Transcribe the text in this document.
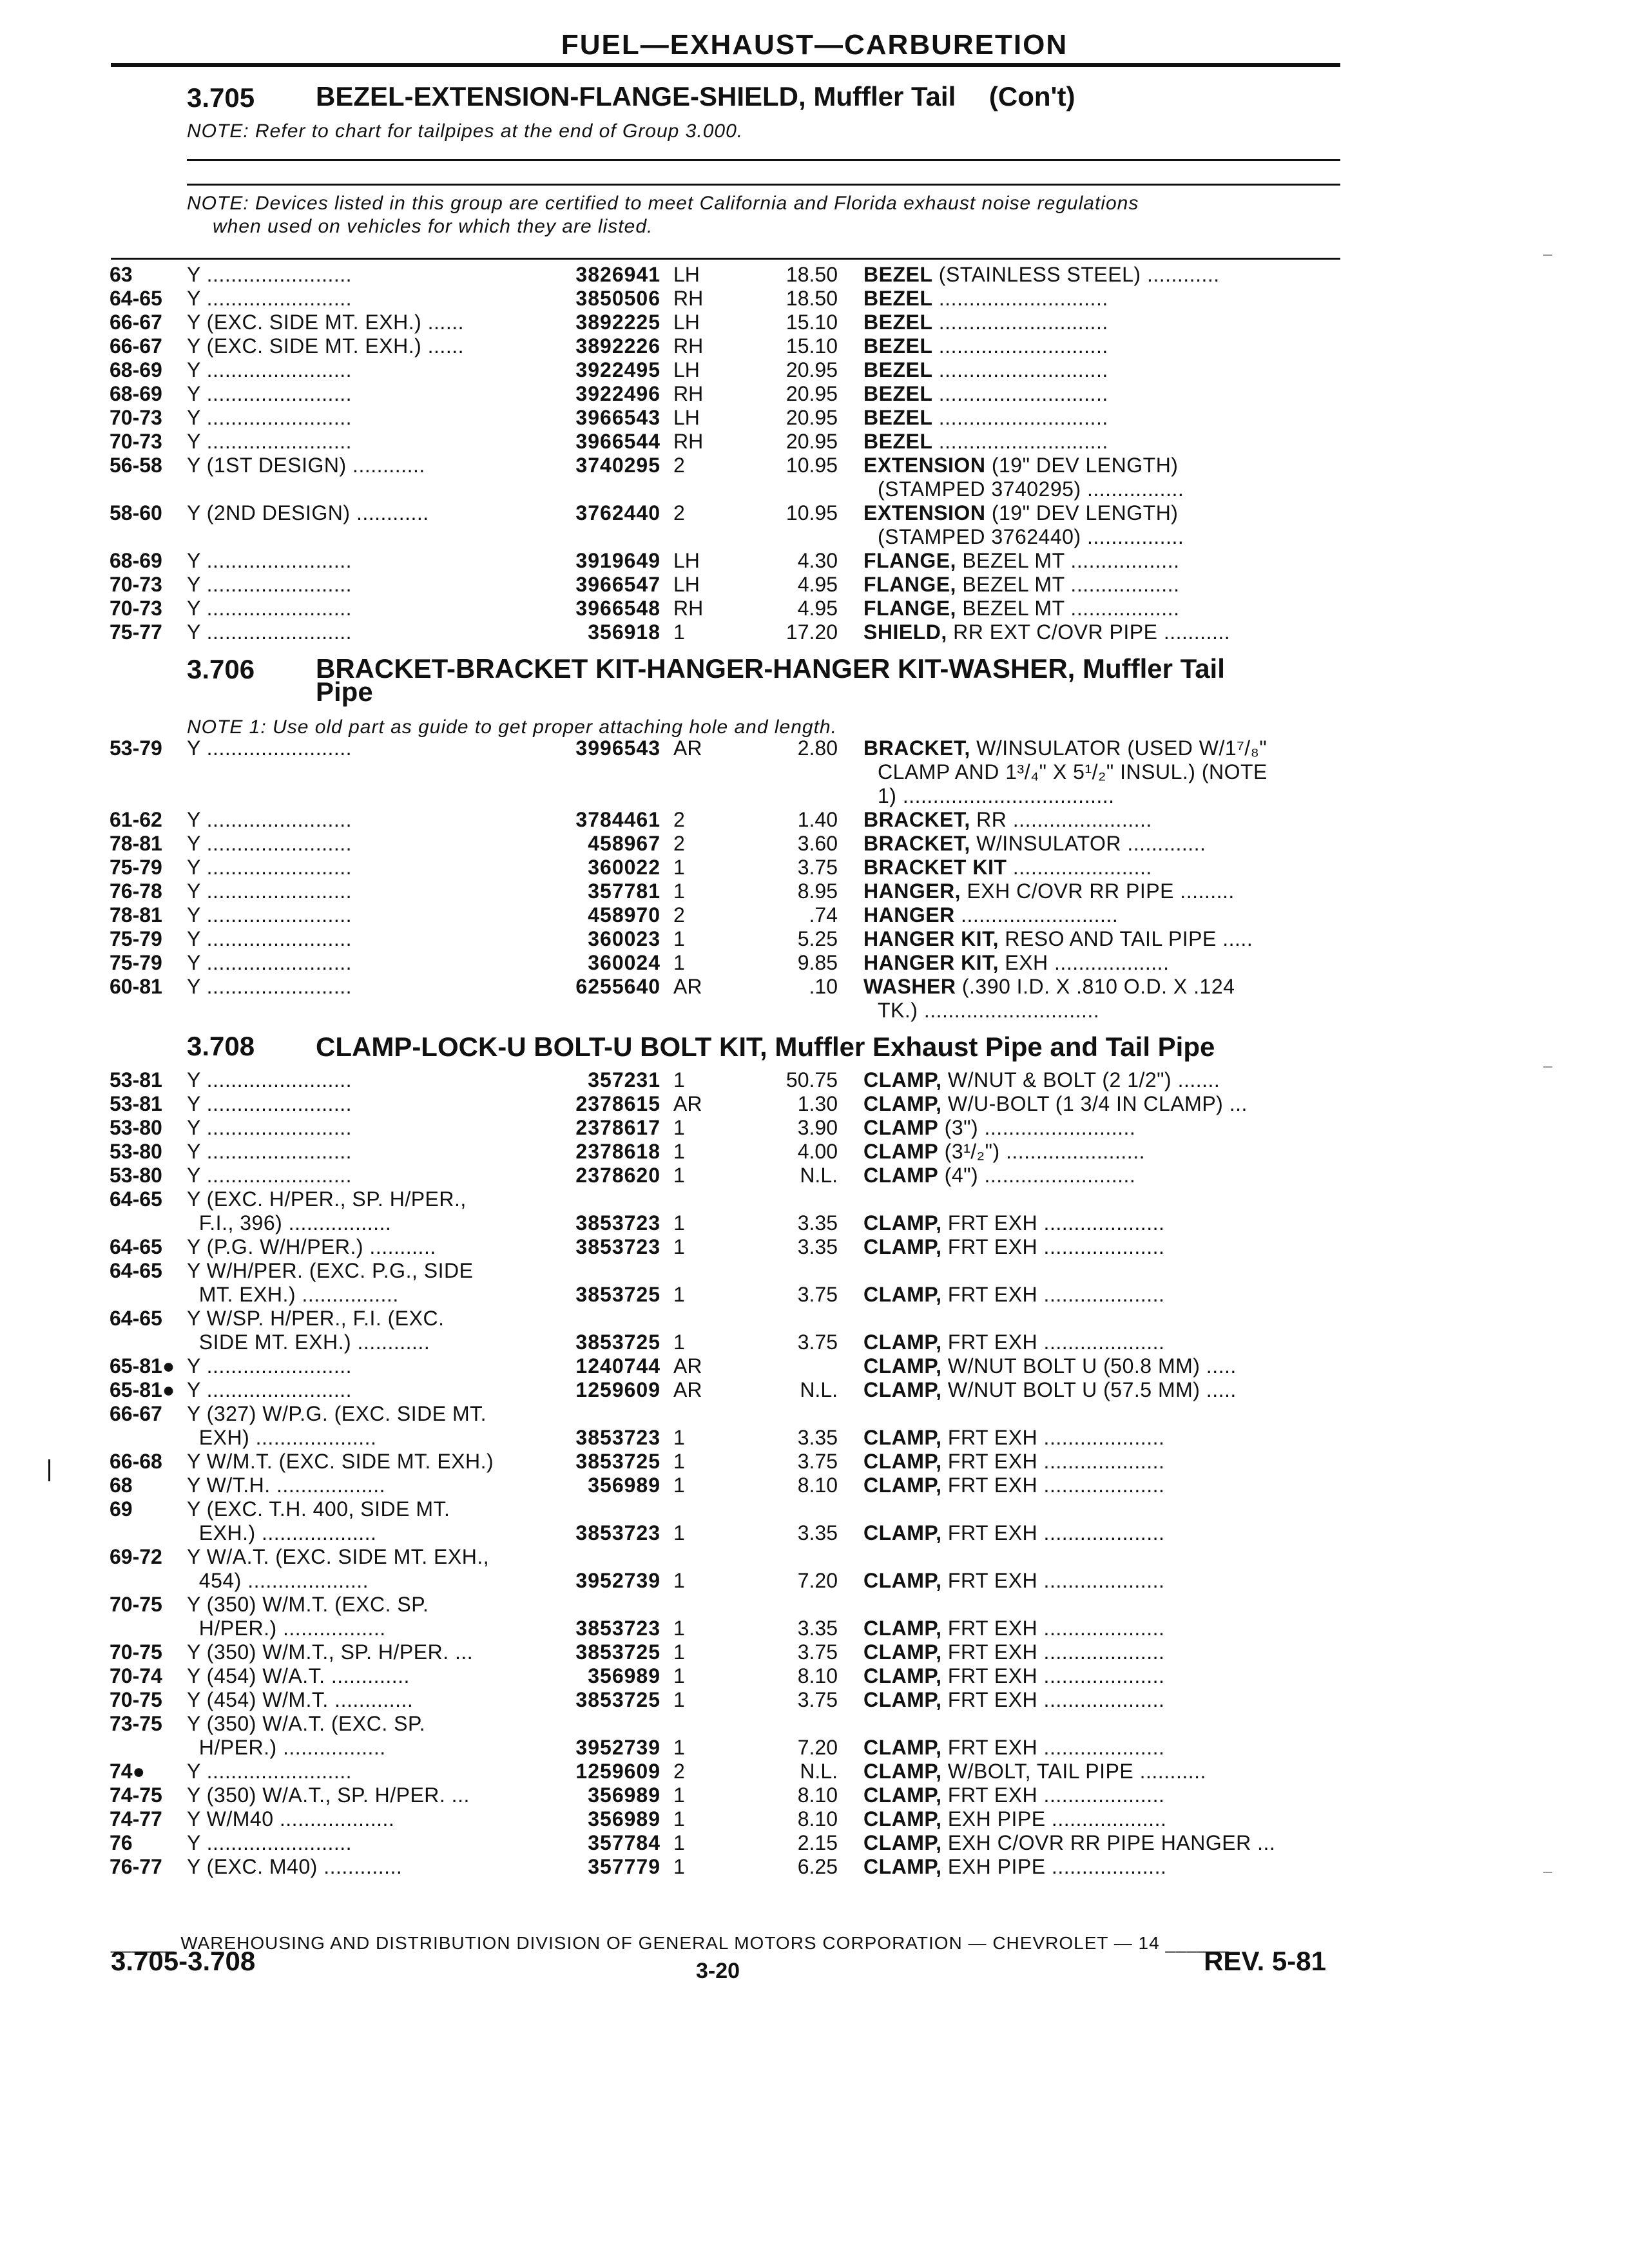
FUEL—EXHAUST—CARBURETION
3.705 BEZEL-EXTENSION-FLANGE-SHIELD, Muffler Tail (Con't)
NOTE: Refer to chart for tailpipes at the end of Group 3.000.
NOTE: Devices listed in this group are certified to meet California and Florida exhaust noise regulations
when used on vehicles for which they are listed.
3.706 BRACKET-BRACKET KIT-HANGER-HANGER KIT-WASHER, Muffler Tail
Pipe
NOTE 1: Use old part as guide to get proper attaching hole and length.
3.708 CLAMP-LOCK-U BOLT-U BOLT KIT, Muffler Exhaust Pipe and Tail Pipe
63	Y ........................	3826941 LH	18.50 BEZEL (STAINLESS STEEL) ............
64-65	Y ........................	3850506 RH	18.50 BEZEL ............................
66-67	Y (EXC. SIDE MT. EXH.) ......	3892225 LH	15.10 BEZEL ............................
66-67	Y (EXC. SIDE MT. EXH.) ......	3892226 RH	15.10 BEZEL ............................
68-69	Y ........................	3922495 LH	20.95 BEZEL ............................
68-69	Y ........................	3922496 RH	20.95 BEZEL ............................
70-73	Y ........................	3966543 LH	20.95 BEZEL ............................
70-73	Y ........................	3966544 RH	20.95 BEZEL ............................
56-58	Y (1ST DESIGN) ............	3740295 2	10.95 EXTENSION (19" DEV LENGTH)
(STAMPED 3740295) ................
58-60	Y (2ND DESIGN) ............	3762440 2	10.95 EXTENSION (19" DEV LENGTH)
(STAMPED 3762440) ................
68-69	Y ........................	3919649 LH	4.30 FLANGE, BEZEL MT ..................
70-73	Y ........................	3966547 LH	4.95 FLANGE, BEZEL MT ..................
70-73	Y ........................	3966548 RH	4.95 FLANGE, BEZEL MT ..................
75-77	Y ........................	356918 1	17.20 SHIELD, RR EXT C/OVR PIPE ...........
53-79	Y ........................	3996543 AR	2.80 BRACKET, W/INSULATOR (USED W/1⁷/₈"
CLAMP AND 1³/₄" X 5¹/₂" INSUL.) (NOTE
1) ...................................
61-62	Y ........................	3784461 2	1.40 BRACKET, RR .......................
78-81	Y ........................	458967 2	3.60 BRACKET, W/INSULATOR .............
75-79	Y ........................	360022 1	3.75 BRACKET KIT .......................
76-78	Y ........................	357781 1	8.95 HANGER, EXH C/OVR RR PIPE .........
78-81	Y ........................	458970 2	.74 HANGER ..........................
75-79	Y ........................	360023 1	5.25 HANGER KIT, RESO AND TAIL PIPE .....
75-79	Y ........................	360024 1	9.85 HANGER KIT, EXH ...................
60-81	Y ........................	6255640 AR	.10 WASHER (.390 I.D. X .810 O.D. X .124
TK.) .............................
53-81	Y ........................	357231 1	50.75 CLAMP, W/NUT & BOLT (2 1/2") .......
53-81	Y ........................	2378615 AR	1.30 CLAMP, W/U-BOLT (1 3/4 IN CLAMP) ...
53-80	Y ........................	2378617 1	3.90 CLAMP (3") .........................
53-80	Y ........................	2378618 1	4.00 CLAMP (3¹/₂") .......................
53-80	Y ........................	2378620 1	N.L. CLAMP (4") .........................
64-65	Y (EXC. H/PER., SP. H/PER.,
F.I., 396) .................	3853723 1	3.35 CLAMP, FRT EXH ....................
64-65	Y (P.G. W/H/PER.) ...........	3853723 1	3.35 CLAMP, FRT EXH ....................
64-65	Y W/H/PER. (EXC. P.G., SIDE
MT. EXH.) ................	3853725 1	3.75 CLAMP, FRT EXH ....................
64-65	Y W/SP. H/PER., F.I. (EXC.
SIDE MT. EXH.) ............	3853725 1	3.75 CLAMP, FRT EXH ....................
65-81● Y ........................	1240744 AR	CLAMP, W/NUT BOLT U (50.8 MM) .....
65-81● Y ........................	1259609 AR	N.L. CLAMP, W/NUT BOLT U (57.5 MM) .....
66-67	Y (327) W/P.G. (EXC. SIDE MT.
EXH) ....................	3853723 1	3.35 CLAMP, FRT EXH ....................
66-68	Y W/M.T. (EXC. SIDE MT. EXH.)	3853725 1	3.75 CLAMP, FRT EXH ....................
68	Y W/T.H. ..................	356989 1	8.10 CLAMP, FRT EXH ....................
69	Y (EXC. T.H. 400, SIDE MT.
EXH.) ...................	3853723 1	3.35 CLAMP, FRT EXH ....................
69-72	Y W/A.T. (EXC. SIDE MT. EXH.,
454) ....................	3952739 1	7.20 CLAMP, FRT EXH ....................
70-75	Y (350) W/M.T. (EXC. SP.
H/PER.) .................	3853723 1	3.35 CLAMP, FRT EXH ....................
70-75	Y (350) W/M.T., SP. H/PER. ...	3853725 1	3.75 CLAMP, FRT EXH ....................
70-74	Y (454) W/A.T. .............	356989 1	8.10 CLAMP, FRT EXH ....................
70-75	Y (454) W/M.T. .............	3853725 1	3.75 CLAMP, FRT EXH ....................
73-75	Y (350) W/A.T. (EXC. SP.
H/PER.) .................	3952739 1	7.20 CLAMP, FRT EXH ....................
74●	Y ........................	1259609 2	N.L. CLAMP, W/BOLT, TAIL PIPE ...........
74-75	Y (350) W/A.T., SP. H/PER. ...	356989 1	8.10 CLAMP, FRT EXH ....................
74-77	Y W/M40 ...................	356989 1	8.10 CLAMP, EXH PIPE ...................
76	Y ........................	357784 1	2.15 CLAMP, EXH C/OVR RR PIPE HANGER ...
76-77	Y (EXC. M40) .............	357779 1	6.25 CLAMP, EXH PIPE ...................
______ WAREHOUSING AND DISTRIBUTION DIVISION OF GENERAL MOTORS CORPORATION — CHEVROLET — 14 ______
3.705-3.708	3-20	REV. 5-81
